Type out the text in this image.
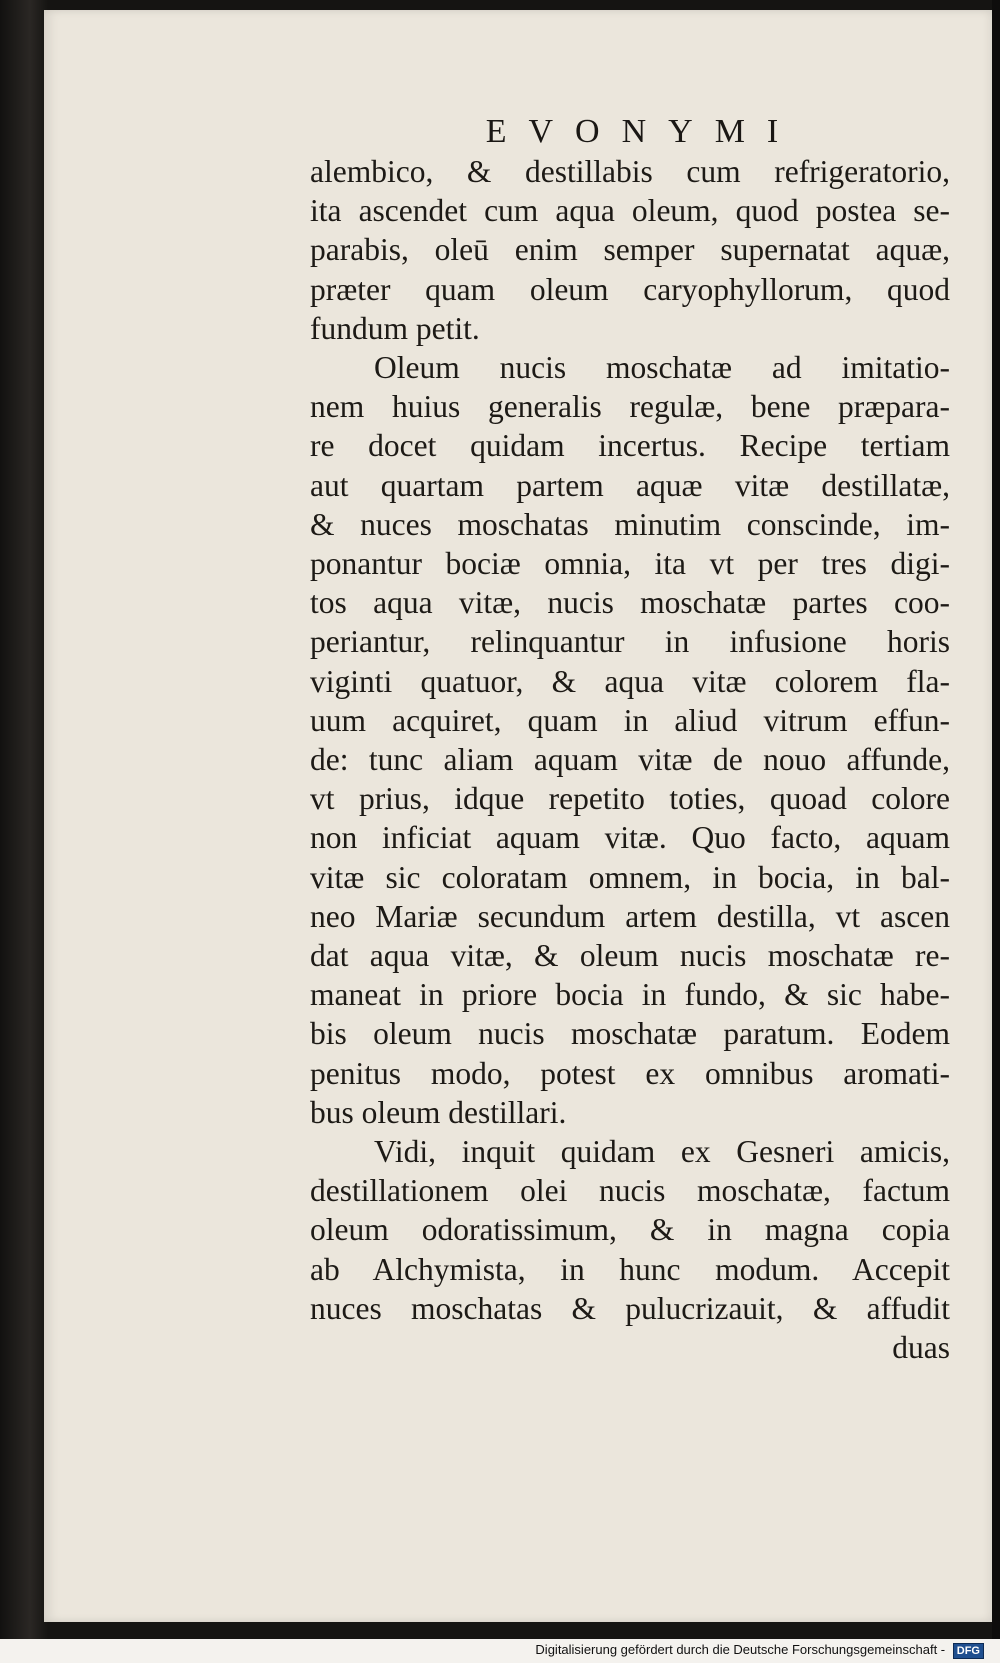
EVONYMI
alembico, & destillabis cum refrigeratorio,
ita ascendet cum aqua oleum, quod postea se-
parabis, oleū enim semper supernatat aquæ,
præter quam oleum caryophyllorum, quod
fundum petit.
Oleum nucis moschatæ ad imitatio-
nem huius generalis regulæ, bene præpara-
re docet quidam incertus. Recipe tertiam
aut quartam partem aquæ vitæ destillatæ,
& nuces moschatas minutim conscinde, im-
ponantur bociæ omnia, ita vt per tres digi-
tos aqua vitæ, nucis moschatæ partes coo-
periantur, relinquantur in infusione horis
viginti quatuor, & aqua vitæ colorem fla-
uum acquiret, quam in aliud vitrum effun-
de: tunc aliam aquam vitæ de nouo affunde,
vt prius, idque repetito toties, quoad colore
non inficiat aquam vitæ. Quo facto, aquam
vitæ sic coloratam omnem, in bocia, in bal-
neo Mariæ secundum artem destilla, vt ascen
dat aqua vitæ, & oleum nucis moschatæ re-
maneat in priore bocia in fundo, & sic habe-
bis oleum nucis moschatæ paratum. Eodem
penitus modo, potest ex omnibus aromati-
bus oleum destillari.
Vidi, inquit quidam ex Gesneri amicis,
destillationem olei nucis moschatæ, factum
oleum odoratissimum, & in magna copia
ab Alchymista, in hunc modum. Accepit
nuces moschatas & pulucrizauit, & affudit
duas
Digitalisierung gefördert durch die Deutsche Forschungsgemeinschaft - DFG
